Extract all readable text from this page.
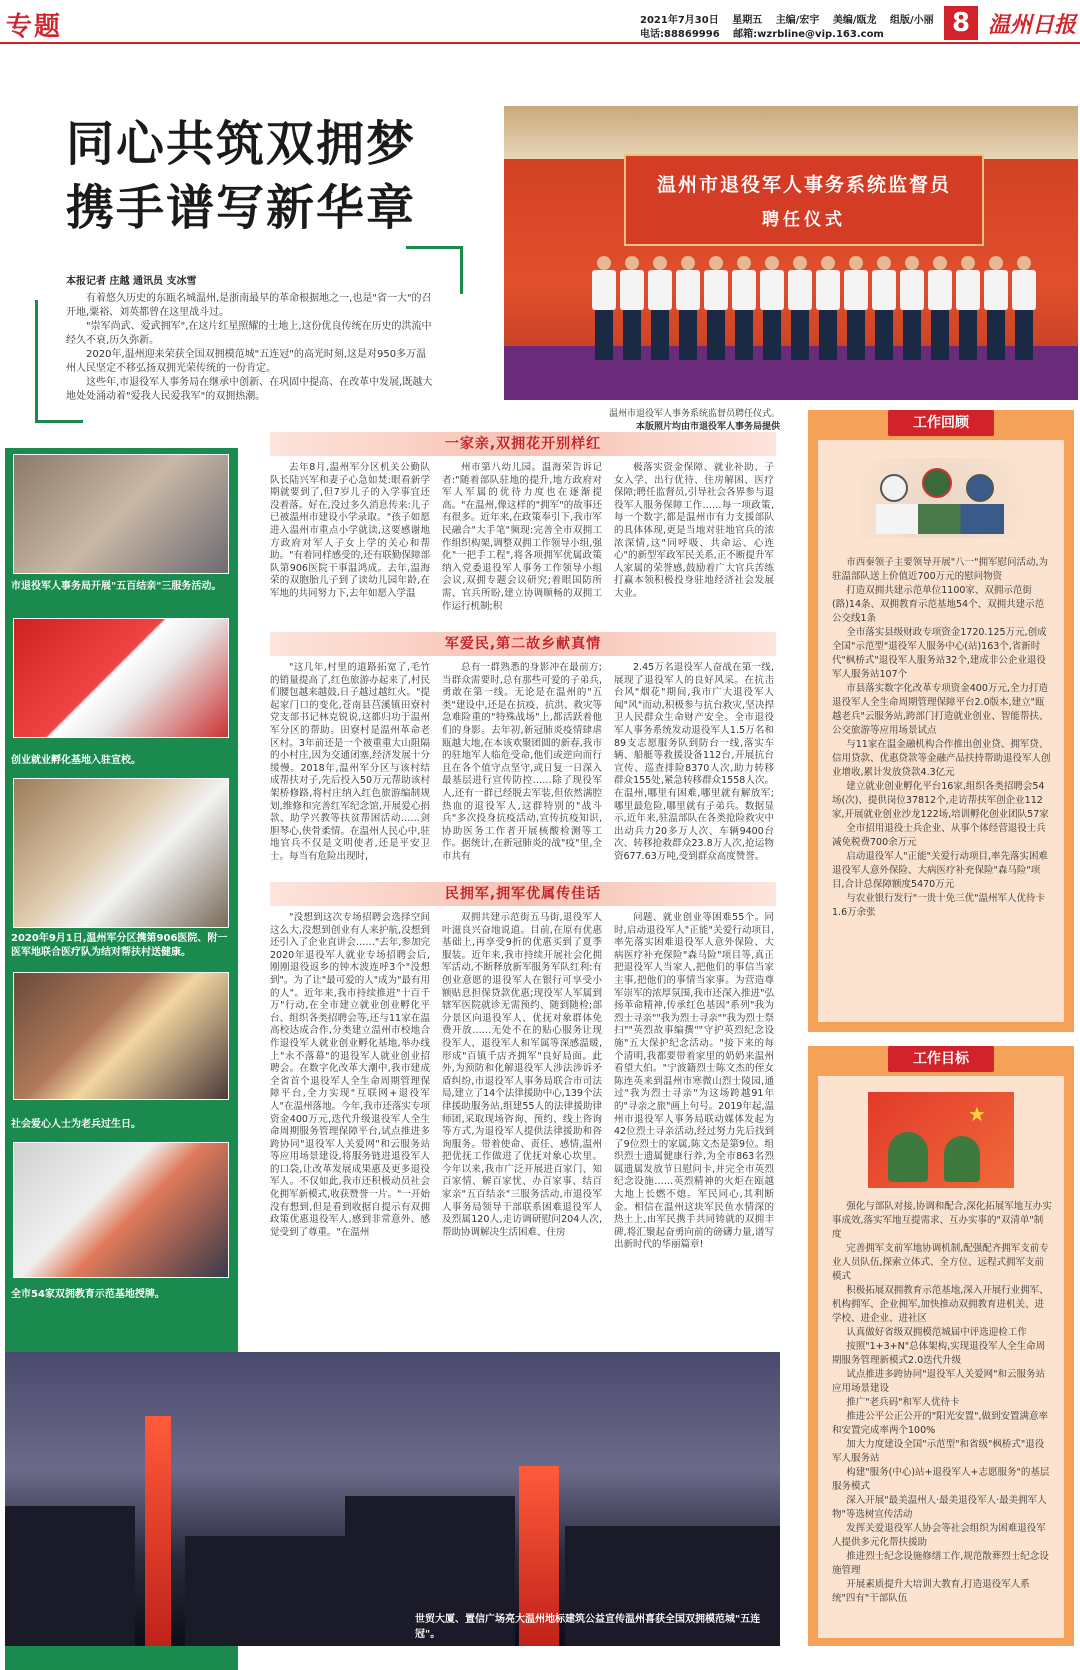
专题	2021年7月30日 星期五 主编/宏宇 美编/瓯龙 组版/小丽
电话:88869996 邮箱:wzrbline@vip.163.com	8 温州日报
同心共筑双拥梦
携手谱写新华章
本报记者 庄越 通讯员 支冰雪

有着悠久历史的东瓯名城温州,是浙南最早的革命根据地之一,也是"省一大"的召开地,粟裕、刘英都曾在这里战斗过。

"崇军尚武、爱武拥军",在这片红星照耀的土地上,这份优良传统在历史的洪流中经久不衰,历久弥新。

2020年,温州迎来荣获全国双拥模范城"五连冠"的高光时刻,这是对950多万温州人民坚定不移弘扬双拥光荣传统的一份肯定。

这些年,市退役军人事务局在继承中创新、在巩固中提高、在改革中发展,既越大地处处涌动着"爱我人民爱我军"的双拥热潮。

温州市退役军人事务系统监督员
聘任仪式
温州市退役军人事务系统监督员聘任仪式。
本版照片均由市退役军人事务局提供
市退役军人事务局开展"五百结亲"三服务活动。
创业就业孵化基地入驻宣校。
2020年9月1日,温州军分区携第906医院、附一医军地联合医疗队为结对帮扶村送健康。
社会爱心人士为老兵过生日。
全市54家双拥教育示范基地授牌。
一家亲,双拥花开别样红
去年8月,温州军分区机关公勤队队长陆兴军和妻子心急如焚:眼看新学期就要到了,但7岁儿子的入学事宜还没着落。好在,没过多久消息传来:儿子已被温州市建设小学录取。"孩子如愿进入温州市重点小学就读,这要感谢地方政府对军人子女上学的关心和帮助。"有着同样感受的,还有联勤保障部队第906医院干事温鸿成。去年,温海荣的双胞胎儿子到了读幼儿园年龄,在军地的共同努力下,去年如愿入学温
州市第八幼儿园。温海荣告诉记者:"随着部队驻地的提升,地方政府对军人军属的优待力度也在逐渐提高。"在温州,像这样的"拥军"的故事还有很多。近年来,在政策奉引下,我市军民融合"大手笔"频现:完善全市双拥工作组织构架,调整双拥工作领导小组,强化"一把手工程",将各项拥军优属政策纳入党委退役军人事务工作领导小组会议,双拥专题会议研究;着眼国防所需、官兵所盼,建立协调顺畅的双拥工作运行机制;积
极落实资金保障、就业补助、子女入学、出行优待、住房解困、医疗保障;聘任监督员,引导社会各界参与退役军人服务保障工作……每一项政策,每一个数字,都是温州市有力支援部队的具体体现,更是当地对驻地官兵的浓浓深情,这"同呼吸、共命运、心连心"的新型军政军民关系,正不断提升军人家属的荣誉感,鼓励着广大官兵苦练打赢本领积极投身驻地经济社会发展大业。
军爱民,第二故乡献真情
"这几年,村里的道路拓宽了,毛竹的销量提高了,红色旅游办起来了,村民们腰包越来越鼓,日子越过越红火。"提起家门口的变化,苍南县莒溪镇田寮村党支部书记林克锐说,这都归功于温州军分区的帮助。田寮村是温州革命老区村。3年前还是一个被重重大山阻隔的小村庄,因为交通闭塞,经济发展十分缓慢。2018年,温州军分区与该村结成帮扶对子,先后投入50万元帮助该村架桥修路,将村庄纳入红色旅游编制规划,维修和完善红军纪念馆,开展爱心捐款、助学兴教等扶贫帮困活动……剑胆琴心,侠骨柔情。在温州人民心中,驻地官兵不仅是文明使者,还是平安卫士。每当有危险出现时,
总有一群熟悉的身影冲在最前方;当群众需要时,总有那些可爱的子弟兵,勇敢在第一线。无论是在温州的"五类"建设中,还是在抗疫、抗洪、救灾等急难险重的"特殊战场"上,都活跃着他们的身影。去年初,新冠肺炎疫情肆虐瓯越大地,在本该欢聚团圆的新春,我市的驻地军人临危受命,他们或逆向而行且在各个值守点坚守,或日复一日深入最基层进行宣传防控……除了现役军人,还有一群已经脱去军装,但依然满腔热血的退役军人,这群特别的"战斗兵"多次投身抗疫活动,宣传抗疫知识,协助医务工作者开展核酸检测等工作。据统计,在新冠肺炎的战"疫"里,全市共有
2.45万名退役军人奋战在第一线,展现了退役军人的良好风采。在抗击台风"烟花"期间,我市广大退役军人闻"风"而动,积极参与抗台救灾,坚决捍卫人民群众生命财产安全。全市退役军人事务系统发动退役军人1.5万名和89支志愿服务队到防台一线,落实车辆、船艇等救援设备112台,开展抗台宣传、巡查排险8370人次,助力转移群众155处,紧急转移群众1558人次。在温州,哪里有困难,哪里就有解放军;哪里最危险,哪里就有子弟兵。数据显示,近年来,驻温部队在各类抢险救灾中出动兵力20多万人次、车辆9400台次、转移抢救群众23.8万人次,抢运物资677.63万吨,受到群众高度赞誉。
民拥军,拥军优属传佳话
"没想到这次专场招聘会选择空间这么大,没想到创业有人来护航,没想到还引入了企业直讲会……"去年,参加完2020年退役军人就业专场招聘会后,刚刚退役返乡的钟木波连呼3个"没想到"。为了让"最可爱的人"成为"最有用的人"。近年来,我市持续推进"十百千万"行动,在全市建立就业创业孵化平台、组织各类招聘会等,还与11家在温高校达成合作,分类建立温州市校地合作退役军人就业创业孵化基地,举办线上"永不落幕"的退役军人就业创业招聘会。在数字化改革大潮中,我市建成全省首个退役军人全生命周期管理保障平台,全力实现"互联网+退役军人"在温州落地。今年,我市还落实专项资金400万元,迭代升级退役军人全生命周期服务管理保障平台,试点推进多跨协同"退役军人关爱网"和云服务站等应用场景建设,将服务链进退役军人的口袋,让改革发展成果惠及更多退役军人。不仅如此,我市还积极动员社会化拥军新模式,收获赞誉一片。"一开始没有想到,但是看到收据自提示有双拥政策优惠退役军人,感到非常意外、感觉受到了尊重。"在温州
双拥共建示范街五马街,退役军人叶滋良兴奋地说道。目前,在原有优惠基础上,再享受9折的优惠买到了夏季服装。近年来,我市持续开展社会化拥军活动,不断释放新军服务军队红利:有创业意愿的退役军人在银行可享受小额贴息担保贷款优惠;现役军人军属到辖军医院就诊无需预约、随到随检;部分景区向退役军人、优抚对象群体免费开放……无处不在的贴心服务让现役军人、退役军人和军属等深感温暖,形成"百镇千店齐拥军"良好局面。此外,为预防和化解退役军人涉法涉诉矛盾纠纷,市退役军人事务局联合市司法局,建立了14个法律援助中心,139个法律援助服务站,组建55人的法律援助律师团,采取现场咨询、预约、线上咨询等方式,为退役军人提供法律援助和咨询服务。带着使命、责任、感情,温州把优抚工作做进了优抚对象心坎里。今年以来,我市广泛开展进百家门、知百家情、解百家忧、办百家事、结百家亲"五百结亲"三服务活动,市退役军人事务局领导干部联系困难退役军人及烈属120人,走访调研慰问204人次,帮助协调解决生活困难、住房
问题、就业创业等困难55个。同时,启动退役军人"正能"关爱行动项目,率先落实困难退役军人意外保险、大病医疗补充保险"森马险"项目等,真正把退役军人当家人,把他们的事信当家主事,把他们的事情当家事。为营造尊军崇军的浓厚氛围,我市还深入推进"弘扬革命精神,传承红色基因"系列"我为烈士寻亲""我为烈士寻亲""我为烈士祭扫""英烈故事编撰""守护英烈纪念设施"五大保护纪念活动。"接下来的每个清明,我都要带着家里的奶奶来温州看望大伯。"宁波籍烈士陈文杰的侄女陈连英来到温州市寒微山烈士陵园,通过"我为烈士寻亲"为这场跨越91年的"寻亲之旅"画上句号。2019年起,温州市退役军人事务局联动媒体发起为42位烈士寻亲活动,经过努力先后找到了9位烈士的家属,陈文杰是第9位。组织烈士遗属健康行养,为全市863名烈属遗属发放节日慰问卡,并完全市英烈纪念设施……英烈精神的火炬在瓯越大地上长燃不熄。军民同心,其利断金。相信在温州这块军民鱼水情深的热土上,由军民携手共同铸就的双拥丰碑,将汇聚起奋勇向前的磅礴力量,谱写出新时代的华丽篇章!
市西秦领子主要领导开展"八一"拥军慰问活动,为驻温部队送上价值近700万元的慰问物资
打造双拥共建示范单位1100家、双拥示范街(路)14条、双拥教育示范基地54个、双拥共建示范公交线1条
全市落实县级财政专项资金1720.125万元,创成全国"示范型"退役军人服务中心(站)163个,省新时代"枫桥式"退役军人服务站32个,建成非公企业退役军人服务站107个
市县落实数字化改革专项资金400万元,全力打造退役军人全生命周期管理保障平台2.0版本,建立"瓯越老兵"云服务站,跨部门打造就业创业、智能帮扶、公交旅游等应用场景试点
与11家在温金融机构合作推出创业贷、拥军贷、信用贷款、优惠贷款等金融产品扶持帮助退役军人创业增收,累计发放贷款4.3亿元
建立就业创业孵化平台16家,组织各类招聘会54场(次)、提供岗位37812个,走访帮扶军创企业112家,开展就业创业沙龙122场,培训孵化创业团队57家
全市招用退役士兵企业、从事个体经营退役士兵减免税费700余万元
启动退役军人"正能"关爱行动项目,率先落实困难退役军人意外保险、大病医疗补充保险"森马险"项目,合计总保障额度5470万元
与农业银行发行"一贵十免三优"温州军人优待卡1.6万余张
工作回顾
★
强化与部队对接,协调和配合,深化拓展军地互办实事成效,落实军地互提需求、互办实事的"双清单"制度
完善拥军支前军地协调机制,配强配齐拥军支前专业人员队伍,探索立体式、全方位、远程式拥军支前模式
积极拓展双拥教育示范基地,深入开展行业拥军、机构拥军、企业拥军,加快推动双拥教育进机关、进学校、进企业、进社区
认真做好省级双拥模范城届中评选迎检工作
按照"1+3+N"总体架构,实现退役军人全生命周期服务管理新模式2.0迭代升级
试点推进多跨协同"退役军人关爱网"和云服务站应用场景建设
推广"老兵码"和军人优待卡
推进公平公正公开的"阳光安置",做到安置满意率和安置完成率两个100%
加大力度建设全国"示范型"和省级"枫桥式"退役军人服务站
构建"服务(中心)站+退役军人+志愿服务"的基层服务模式
深入开展"最美温州人·最美退役军人·最美拥军人物"等选树宣传活动
发挥关爱退役军人协会等社会组织为困难退役军人提供多元化帮扶援助
推进烈士纪念设施修缮工作,规范散葬烈士纪念设施管理
开展素质提升大培训大教育,打造退役军人系统"四有"干部队伍
工作目标
世贸大厦、置信广场亮大温州地标建筑公益宣传温州喜获全国双拥模范城"五连冠"。
